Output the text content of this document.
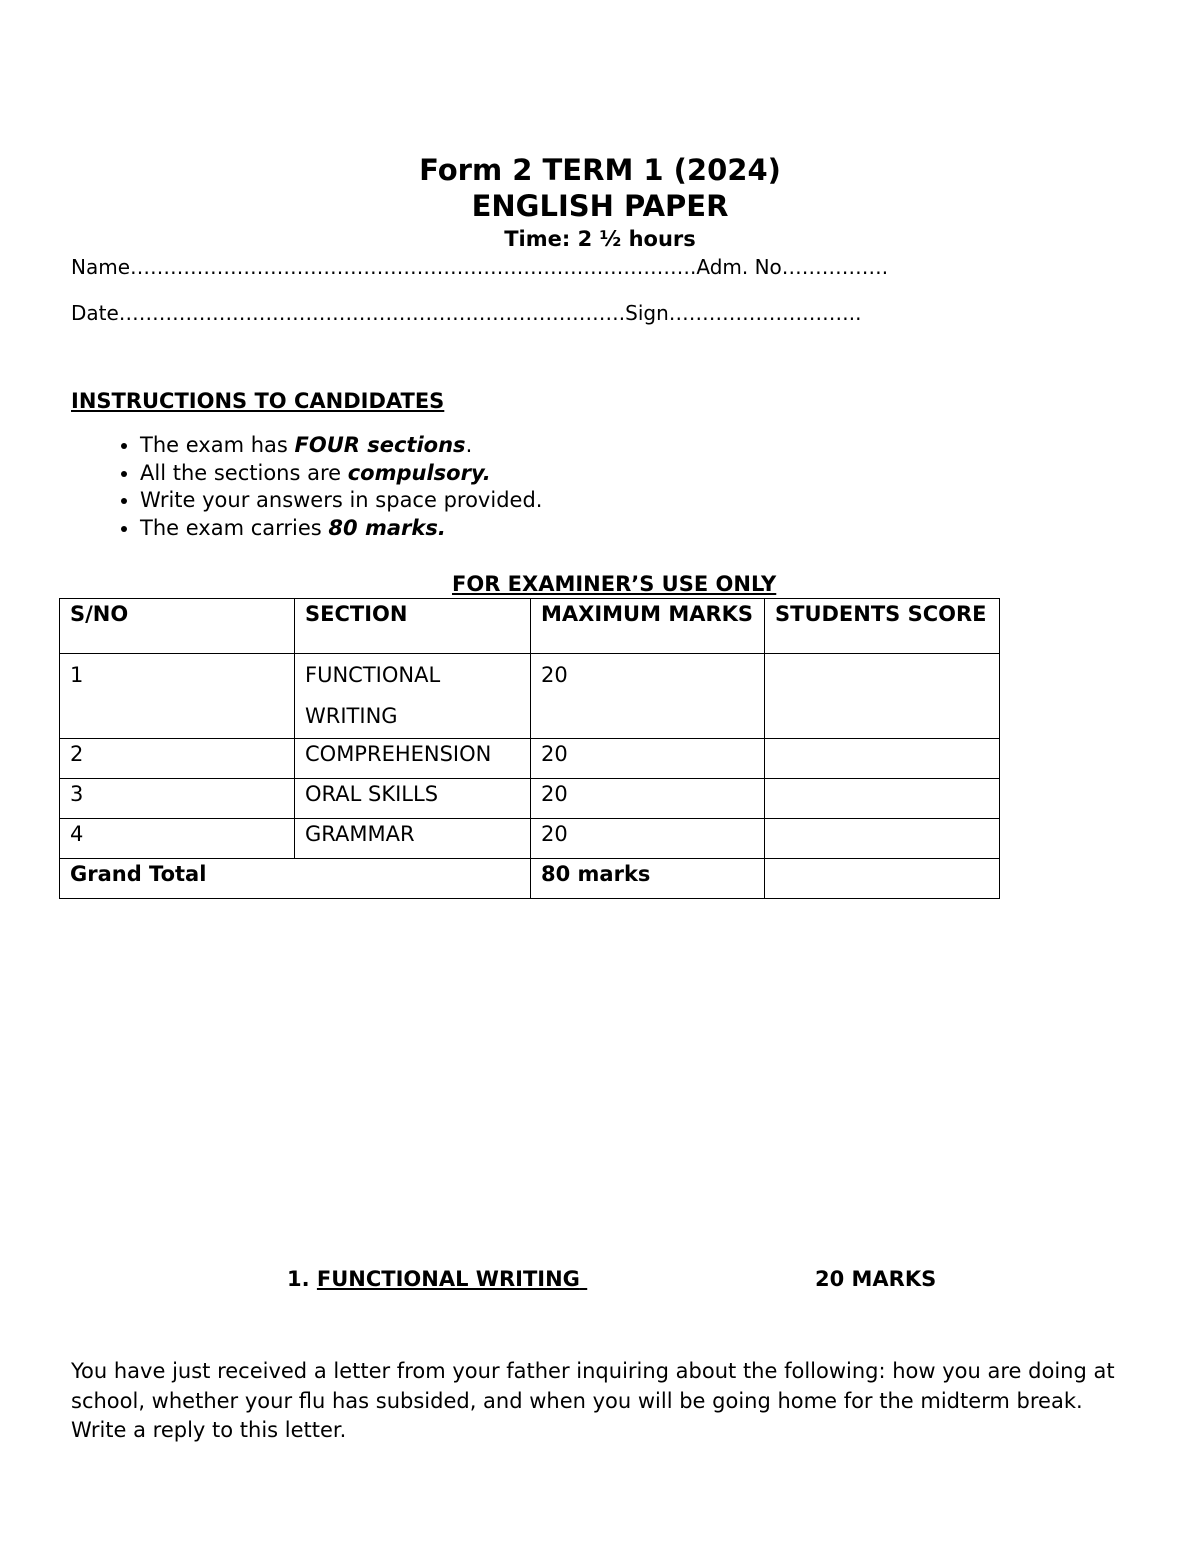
Form 2 TERM 1 (2024)
ENGLISH PAPER
Time: 2 ½ hours
Name………………………………………………………………………….Adm. No…………….
Date………………………………………………………………….Sign………………………..
INSTRUCTIONS TO CANDIDATES
• The exam has FOUR sections.
• All the sections are compulsory.
• Write your answers in space provided.
• The exam carries 80 marks.
FOR EXAMINER’S USE ONLY
S/NO	SECTION	MAXIMUM MARKS	STUDENTS SCORE
1	FUNCTIONAL WRITING	20	
2	COMPREHENSION	20	
3	ORAL SKILLS	20	
4	GRAMMAR	20	
Grand Total		80 marks	
1. FUNCTIONAL WRITING	20 MARKS
You have just received a letter from your father inquiring about the following: how you are doing at school, whether your flu has subsided, and when you will be going home for the midterm break. Write a reply to this letter.
